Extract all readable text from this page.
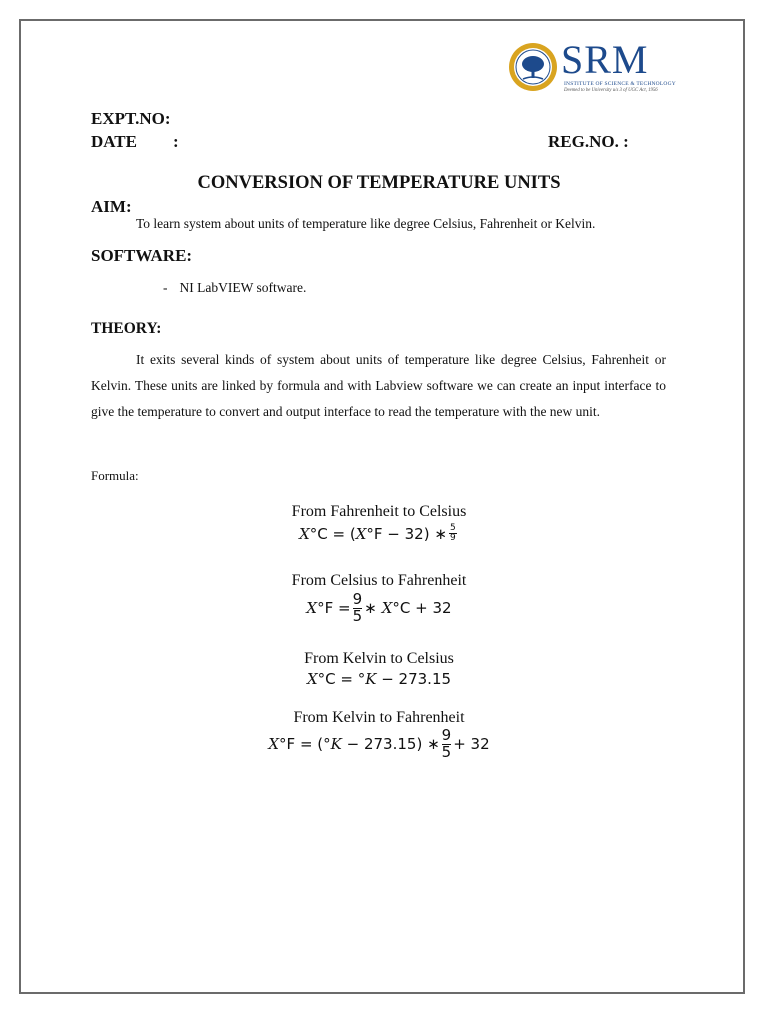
SRM
INSTITUTE OF SCIENCE & TECHNOLOGY
Deemed to be University u/s 3 of UGC Act, 1956
EXPT.NO:
DATE :	REG.NO. :
CONVERSION OF TEMPERATURE UNITS
AIM:
To learn system about units of temperature like degree Celsius, Fahrenheit or Kelvin.
SOFTWARE:
- NI LabVIEW software.
THEORY:
It exits several kinds of system about units of temperature like degree Celsius, Fahrenheit or Kelvin. These units are linked by formula and with Labview software we can create an input interface to give the temperature to convert and output interface to read the temperature with the new unit.
Formula:
From Fahrenheit to Celsius
X °C = ( X °F − 32) ∗ $\frac{5}{9}$
From Celsius to Fahrenheit
X $^\circ F = \frac{9}{5}$ ∗ X °C + 32
From Kelvin to Celsius
X °C = ° K − 273.15
From Kelvin to Fahrenheit
X °F = (° K − 273.15) ∗ $\frac{9}{5} + 32$
